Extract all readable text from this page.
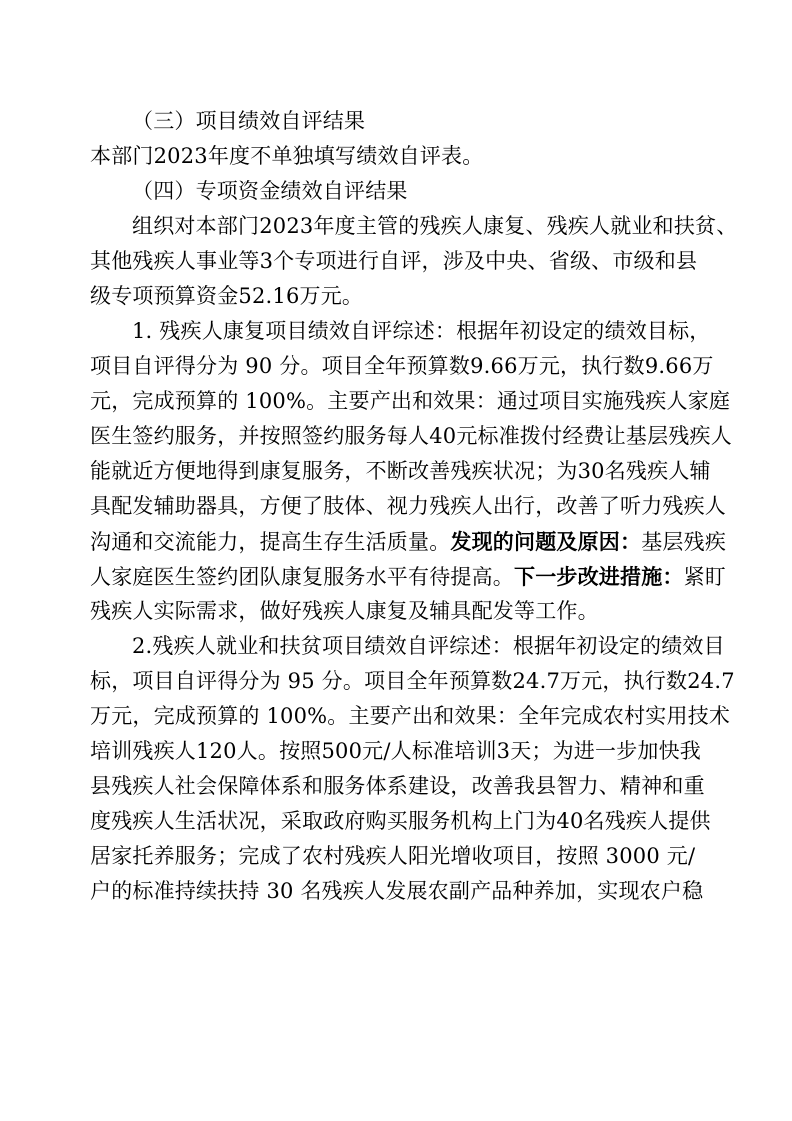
（三）项目绩效自评结果
本部门2023年度不单独填写绩效自评表。
（四）专项资金绩效自评结果
组织对本部门2023年度主管的残疾人康复、残疾人就业和扶贫、
其他残疾人事业等3个专项进行自评，涉及中央、省级、市级和县
级专项预算资金52.16万元。
1. 残疾人康复项目绩效自评综述：根据年初设定的绩效目标，
项目自评得分为 90 分。项目全年预算数9.66万元，执行数9.66万
元，完成预算的 100%。主要产出和效果：通过项目实施残疾人家庭
医生签约服务，并按照签约服务每人40元标准拨付经费让基层残疾人
能就近方便地得到康复服务，不断改善残疾状况；为30名残疾人辅
具配发辅助器具，方便了肢体、视力残疾人出行，改善了听力残疾人
沟通和交流能力，提高生存生活质量。发现的问题及原因：基层残疾
人家庭医生签约团队康复服务水平有待提高。下一步改进措施：紧盯
残疾人实际需求，做好残疾人康复及辅具配发等工作。
2.残疾人就业和扶贫项目绩效自评综述：根据年初设定的绩效目
标，项目自评得分为 95 分。项目全年预算数24.7万元，执行数24.7
万元，完成预算的 100%。主要产出和效果：全年完成农村实用技术
培训残疾人120人。按照500元/人标准培训3天；为进一步加快我
县残疾人社会保障体系和服务体系建设，改善我县智力、精神和重
度残疾人生活状况，采取政府购买服务机构上门为40名残疾人提供
居家托养服务；完成了农村残疾人阳光增收项目，按照 3000 元/
户的标准持续扶持 30 名残疾人发展农副产品种养加，实现农户稳
